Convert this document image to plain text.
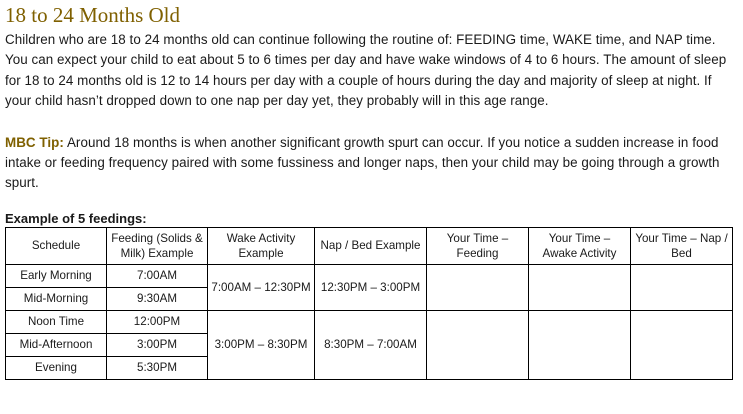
18 to 24 Months Old

Children who are 18 to 24 months old can continue following the routine of: FEEDING time, WAKE time, and NAP time. You can expect your child to eat about 5 to 6 times per day and have wake windows of 4 to 6 hours. The amount of sleep for 18 to 24 months old is 12 to 14 hours per day with a couple of hours during the day and majority of sleep at night. If your child hasn’t dropped down to one nap per day yet, they probably will in this age range.

MBC Tip: Around 18 months is when another significant growth spurt can occur. If you notice a sudden increase in food intake or feeding frequency paired with some fussiness and longer naps, then your child may be going through a growth spurt.

Example of 5 feedings:

Schedule	Feeding (Solids & Milk) Example	Wake Activity Example	Nap / Bed Example	Your Time – Feeding	Your Time – Awake Activity	Your Time – Nap / Bed
Early Morning	7:00AM	7:00AM – 12:30PM	12:30PM – 3:00PM			
Mid-Morning	9:30AM					
Noon Time	12:00PM	3:00PM – 8:30PM	8:30PM – 7:00AM			
Mid-Afternoon	3:00PM					
Evening	5:30PM					
